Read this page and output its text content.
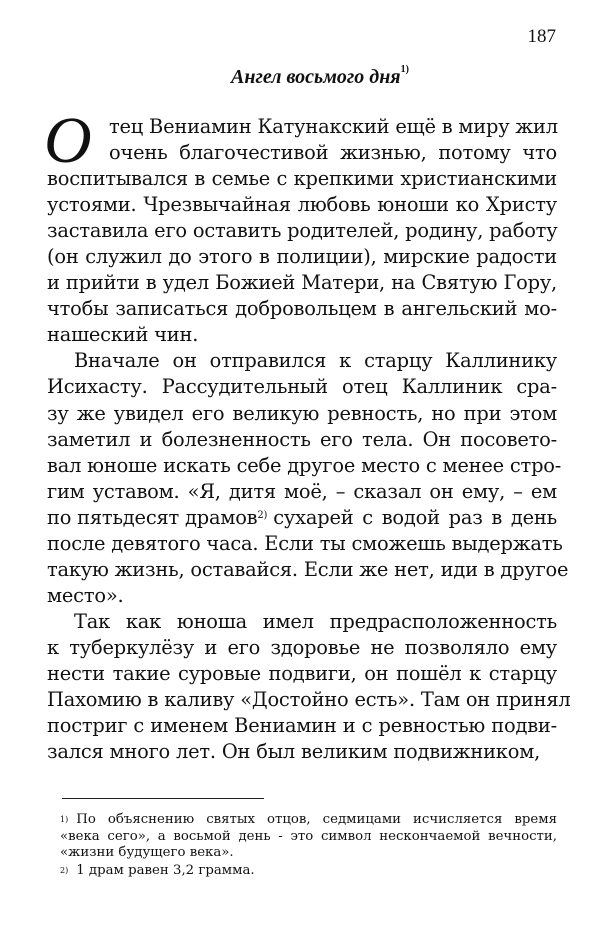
187
Ангел восьмого дня$^{1)}$
О тец Вениамин Катунакский ещё в миру жил
очень благочестивой жизнью, потому что
воспитывался в семье с крепкими христианскими
устоями. Чрезвычайная любовь юноши ко Христу
заставила его оставить родителей, родину, работу
(он служил до этого в полиции), мирские радости
и прийти в удел Божией Матери, на Святую Гору,
чтобы записаться добровольцем в ангельский мо-
нашеский чин.
Вначале он отправился к старцу Каллинику
Исихасту. Рассудительный отец Каллиник сра-
зу же увидел его великую ревность, но при этом
заметил и болезненность его тела. Он посовето-
вал юноше искать себе другое место с менее стро-
гим уставом. «Я, дитя моё, – сказал он ему, – ем
по пятьдесят драмов$^{2)}$ сухарей с водой раз в день
после девятого часа. Если ты сможешь выдержать
такую жизнь, оставайся. Если же нет, иди в другое
место».
Так как юноша имел предрасположенность
к туберкулёзу и его здоровье не позволяло ему
нести такие суровые подвиги, он пошёл к старцу
Пахомию в каливу «Достойно есть». Там он принял
постриг с именем Вениамин и с ревностью подви-
зался много лет. Он был великим подвижником,
1) По объяснению святых отцов, седмицами исчисляется время
«века сего», а восьмой день - это символ нескончаемой вечности,
«жизни будущего века».
$^{2)}$ 1 драм равен 3,2 грамма.
